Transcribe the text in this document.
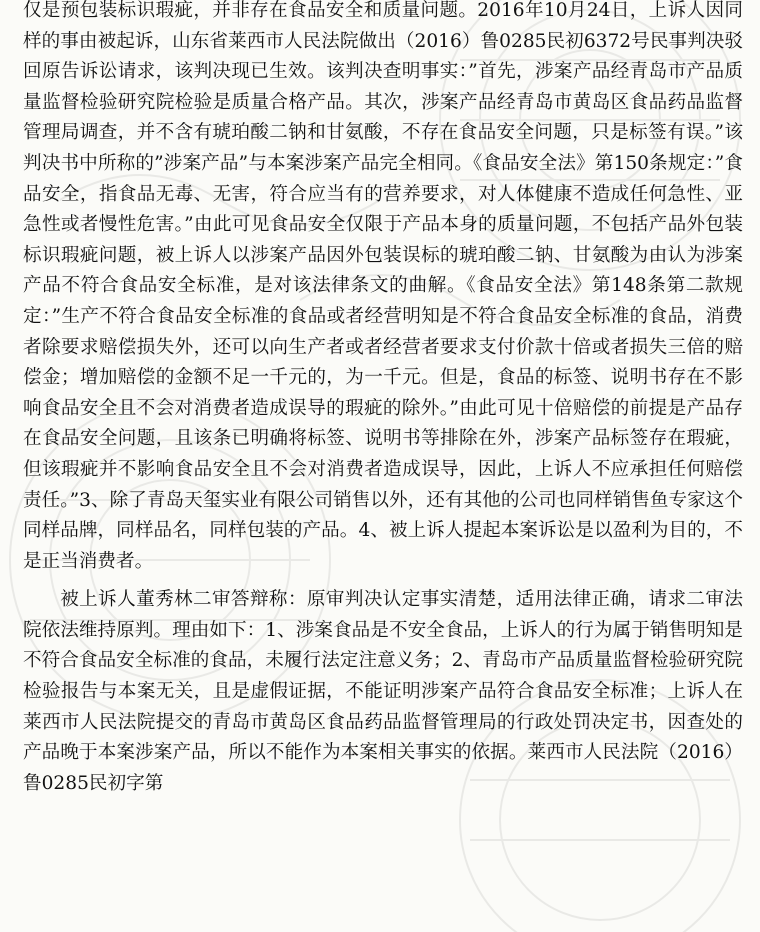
仅是预包装标识瑕疵，并非存在食品安全和质量问题。2016年10月24日，上诉人因同样的事由被起诉，山东省莱西市人民法院做出（2016）鲁0285民初6372号民事判决驳回原告诉讼请求，该判决现已生效。该判决查明事实：”首先，涉案产品经青岛市产品质量监督检验研究院检验是质量合格产品。其次，涉案产品经青岛市黄岛区食品药品监督管理局调查，并不含有琥珀酸二钠和甘氨酸，不存在食品安全问题，只是标签有误。”该判决书中所称的”涉案产品”与本案涉案产品完全相同。《食品安全法》第150条规定：”食品安全，指食品无毒、无害，符合应当有的营养要求，对人体健康不造成任何急性、亚急性或者慢性危害。”由此可见食品安全仅限于产品本身的质量问题，不包括产品外包装标识瑕疵问题，被上诉人以涉案产品因外包装误标的琥珀酸二钠、甘氨酸为由认为涉案产品不符合食品安全标准，是对该法律条文的曲解。《食品安全法》第148条第二款规定：”生产不符合食品安全标准的食品或者经营明知是不符合食品安全标准的食品，消费者除要求赔偿损失外，还可以向生产者或者经营者要求支付价款十倍或者损失三倍的赔偿金；增加赔偿的金额不足一千元的，为一千元。但是，食品的标签、说明书存在不影响食品安全且不会对消费者造成误导的瑕疵的除外。”由此可见十倍赔偿的前提是产品存在食品安全问题，且该条已明确将标签、说明书等排除在外，涉案产品标签存在瑕疵，但该瑕疵并不影响食品安全且不会对消费者造成误导，因此，上诉人不应承担任何赔偿责任。”3、除了青岛天玺实业有限公司销售以外，还有其他的公司也同样销售鱼专家这个同样品牌，同样品名，同样包装的产品。4、被上诉人提起本案诉讼是以盈利为目的，不是正当消费者。

被上诉人董秀林二审答辩称：原审判决认定事实清楚，适用法律正确，请求二审法院依法维持原判。理由如下：1、涉案食品是不安全食品，上诉人的行为属于销售明知是不符合食品安全标准的食品，未履行法定注意义务；2、青岛市产品质量监督检验研究院检验报告与本案无关，且是虚假证据，不能证明涉案产品符合食品安全标准；上诉人在莱西市人民法院提交的青岛市黄岛区食品药品监督管理局的行政处罚决定书，因查处的产品晚于本案涉案产品，所以不能作为本案相关事实的依据。莱西市人民法院（2016）鲁0285民初字第
